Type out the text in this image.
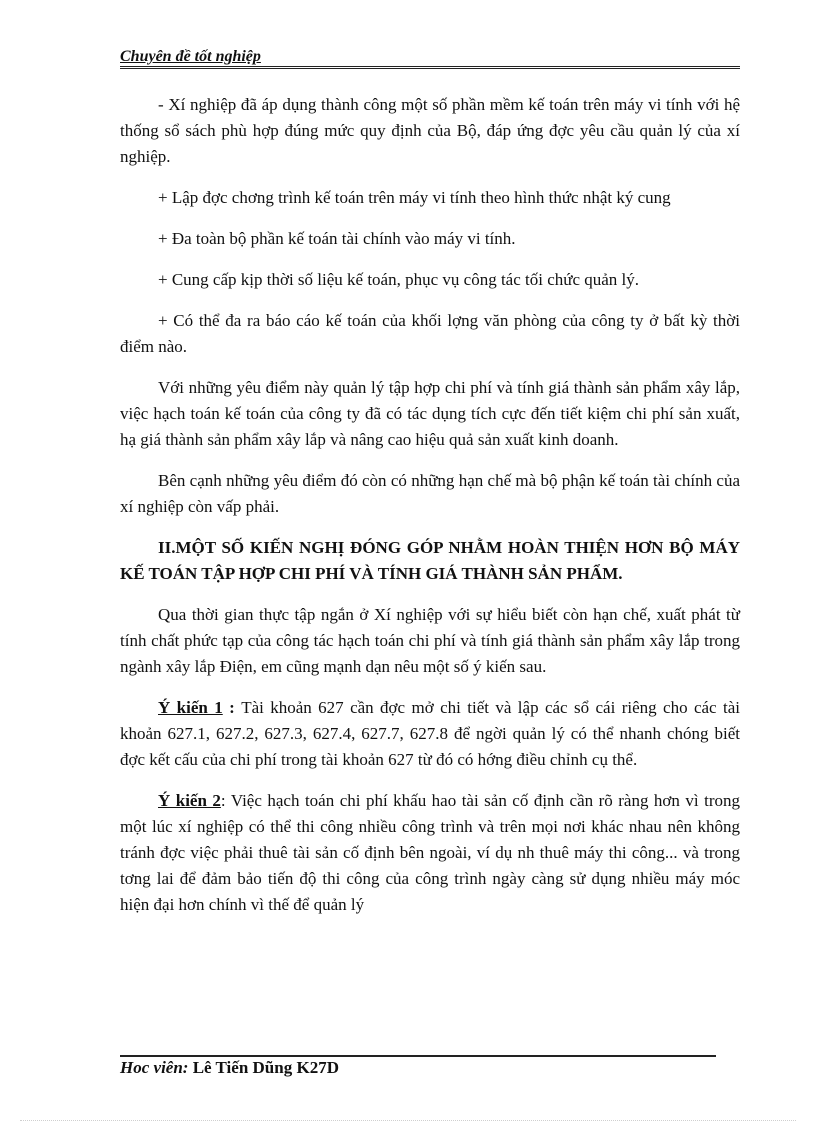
Chuyên đề tốt nghiệp

- Xí nghiệp đã áp dụng thành công một số phần mềm kế toán trên máy vi tính với hệ thống sổ sách phù hợp đúng mức quy định của Bộ, đáp ứng đợc yêu cầu quản lý của xí nghiệp.

+ Lập đợc chơng trình kế toán trên máy vi tính theo hình thức nhật ký cung

+ Đa toàn bộ phần kế toán tài chính vào máy vi tính.

+ Cung cấp kịp thời số liệu kế toán, phục vụ công tác tối chức quản lý.

+ Có thể đa ra báo cáo kế toán của khối lợng văn phòng của công ty ở bất kỳ thời điểm nào.

Với những yêu điểm này quản lý tập hợp chi phí và tính giá thành sản phẩm xây lắp, việc hạch toán kế toán của công ty đã có tác dụng tích cực đến tiết kiệm chi phí sản xuất, hạ giá thành sản phẩm xây lắp và nâng cao hiệu quả sản xuất kinh doanh.

Bên cạnh những yêu điểm đó còn có những hạn chế mà bộ phận kế toán tài chính của xí nghiệp còn vấp phải.

II.MỘT SỐ KIẾN NGHỊ ĐÓNG GÓP NHẰM HOÀN THIỆN HƠN BỘ MÁY KẾ TOÁN TẬP HỢP CHI PHÍ VÀ TÍNH GIÁ THÀNH SẢN PHẨM.

Qua thời gian thực tập ngắn ở Xí nghiệp với sự hiểu biết còn hạn chế, xuất phát từ tính chất phức tạp của công tác hạch toán chi phí và tính giá thành sản phẩm xây lắp trong ngành xây lắp Điện, em cũng mạnh dạn nêu một số ý kiến sau.

Ý kiến 1 : Tài khoản 627 cần đợc mở chi tiết và lập các sổ cái riêng cho các tài khoản 627.1, 627.2, 627.3, 627.4, 627.7, 627.8 để ngời quản lý có thể nhanh chóng biết đợc kết cấu của chi phí trong tài khoản 627 từ đó có hớng điều chỉnh cụ thể.

Ý kiến 2: Việc hạch toán chi phí khấu hao tài sản cố định cần rõ ràng hơn vì trong một lúc xí nghiệp có thể thi công nhiều công trình và trên mọi nơi khác nhau nên không tránh đợc việc phải thuê tài sản cố định bên ngoài, ví dụ nh thuê máy thi công... và trong tơng lai để đảm bảo tiến độ thi công của công trình ngày càng sử dụng nhiều máy móc hiện đại hơn chính vì thế để quản lý

Hoc viên: Lê Tiến Dũng K27D
